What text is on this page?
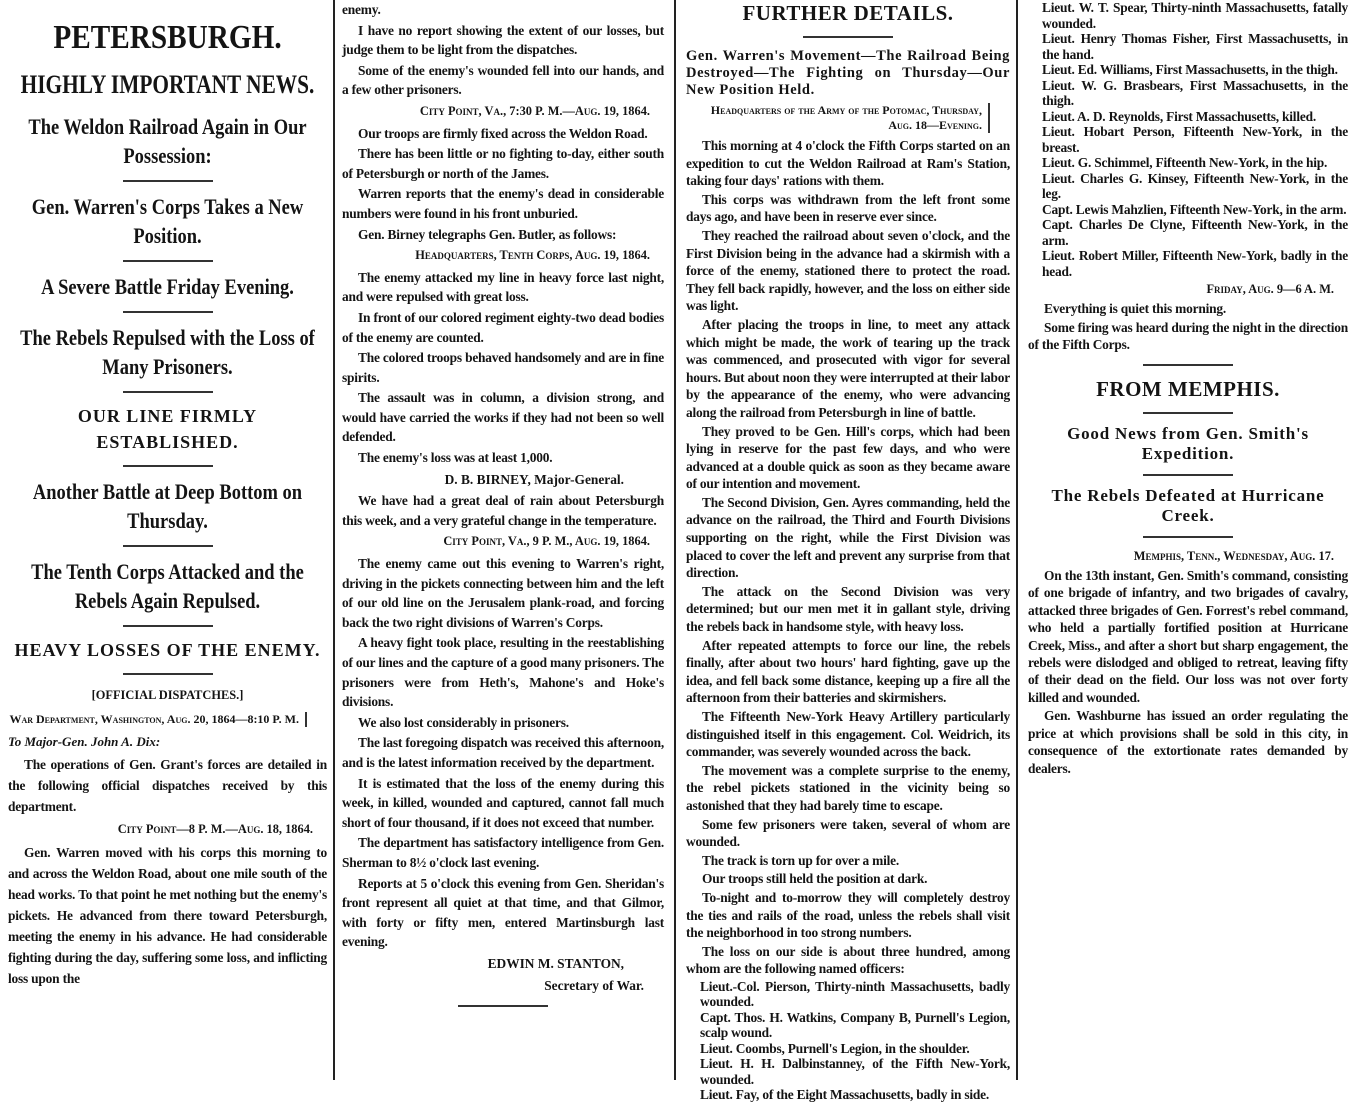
PETERSBURGH.
HIGHLY IMPORTANT NEWS.
The Weldon Railroad Again in Our Possession:
Gen. Warren's Corps Takes a New Position.
A Severe Battle Friday Evening.
The Rebels Repulsed with the Loss of Many Prisoners.
OUR LINE FIRMLY ESTABLISHED.
Another Battle at Deep Bottom on Thursday.
The Tenth Corps Attacked and the Rebels Again Repulsed.
HEAVY LOSSES OF THE ENEMY.
[OFFICIAL DISPATCHES.]
War Department, Washington, Aug. 20, 1864—8:10 P. M.
To Major-Gen. John A. Dix:
The operations of Gen. Grant's forces are detailed in the following official dispatches received by this department.
City Point—8 P. M.—Aug. 18, 1864.
Gen. Warren moved with his corps this morning to and across the Weldon Road, about one mile south of the head works. To that point he met nothing but the enemy's pickets. He advanced from there toward Petersburgh, meeting the enemy in his advance. He had considerable fighting during the day, suffering some loss, and inflicting loss upon the
enemy.
I have no report showing the extent of our losses, but judge them to be light from the dispatches.
Some of the enemy's wounded fell into our hands, and a few other prisoners.
City Point, Va., 7:30 P. M.—Aug. 19, 1864.
Our troops are firmly fixed across the Weldon Road.
There has been little or no fighting to-day, either south of Petersburgh or north of the James.
Warren reports that the enemy's dead in considerable numbers were found in his front unburied.
Gen. Birney telegraphs Gen. Butler, as follows:
Headquarters, Tenth Corps, Aug. 19, 1864.
The enemy attacked my line in heavy force last night, and were repulsed with great loss.
In front of our colored regiment eighty-two dead bodies of the enemy are counted.
The colored troops behaved handsomely and are in fine spirits.
The assault was in column, a division strong, and would have carried the works if they had not been so well defended.
The enemy's loss was at least 1,000.
D. B. BIRNEY, Major-General.
We have had a great deal of rain about Petersburgh this week, and a very grateful change in the temperature.
City Point, Va., 9 P. M., Aug. 19, 1864.
The enemy came out this evening to Warren's right, driving in the pickets connecting between him and the left of our old line on the Jerusalem plank-road, and forcing back the two right divisions of Warren's Corps.
A heavy fight took place, resulting in the reestablishing of our lines and the capture of a good many prisoners. The prisoners were from Heth's, Mahone's and Hoke's divisions.
We also lost considerably in prisoners.
The last foregoing dispatch was received this afternoon, and is the latest information received by the department.
It is estimated that the loss of the enemy during this week, in killed, wounded and captured, cannot fall much short of four thousand, if it does not exceed that number.
The department has satisfactory intelligence from Gen. Sherman to 8½ o'clock last evening.
Reports at 5 o'clock this evening from Gen. Sheridan's front represent all quiet at that time, and that Gilmor, with forty or fifty men, entered Martinsburgh last evening.
EDWIN M. STANTON,
Secretary of War.
FURTHER DETAILS.
Gen. Warren's Movement—The Railroad Being Destroyed—The Fighting on Thursday—Our New Position Held.
Headquarters of the Army of the Potomac, Thursday, Aug. 18—Evening.
This morning at 4 o'clock the Fifth Corps started on an expedition to cut the Weldon Railroad at Ram's Station, taking four days' rations with them.
This corps was withdrawn from the left front some days ago, and have been in reserve ever since.
They reached the railroad about seven o'clock, and the First Division being in the advance had a skirmish with a force of the enemy, stationed there to protect the road. They fell back rapidly, however, and the loss on either side was light.
After placing the troops in line, to meet any attack which might be made, the work of tearing up the track was commenced, and prosecuted with vigor for several hours. But about noon they were interrupted at their labor by the appearance of the enemy, who were advancing along the railroad from Petersburgh in line of battle.
They proved to be Gen. Hill's corps, which had been lying in reserve for the past few days, and who were advanced at a double quick as soon as they became aware of our intention and movement.
The Second Division, Gen. Ayres commanding, held the advance on the railroad, the Third and Fourth Divisions supporting on the right, while the First Division was placed to cover the left and prevent any surprise from that direction.
The attack on the Second Division was very determined; but our men met it in gallant style, driving the rebels back in handsome style, with heavy loss.
After repeated attempts to force our line, the rebels finally, after about two hours' hard fighting, gave up the idea, and fell back some distance, keeping up a fire all the afternoon from their batteries and skirmishers.
The Fifteenth New-York Heavy Artillery particularly distinguished itself in this engagement. Col. Weidrich, its commander, was severely wounded across the back.
The movement was a complete surprise to the enemy, the rebel pickets stationed in the vicinity being so astonished that they had barely time to escape.
Some few prisoners were taken, several of whom are wounded.
The track is torn up for over a mile.
Our troops still held the position at dark.
To-night and to-morrow they will completely destroy the ties and rails of the road, unless the rebels shall visit the neighborhood in too strong numbers.
The loss on our side is about three hundred, among whom are the following named officers:
Lieut.-Col. Pierson, Thirty-ninth Massachusetts, badly wounded.
Capt. Thos. H. Watkins, Company B, Purnell's Legion, scalp wound.
Lieut. Coombs, Purnell's Legion, in the shoulder.
Lieut. H. H. Dalbinstanney, of the Fifth New-York, wounded.
Lieut. Fay, of the Eight Massachusetts, badly in side.
Lieut. W. T. Spear, Thirty-ninth Massachusetts, fatally wounded.
Lieut. Henry Thomas Fisher, First Massachusetts, in the hand.
Lieut. Ed. Williams, First Massachusetts, in the thigh.
Lieut. W. G. Brasbears, First Massachusetts, in the thigh.
Lieut. A. D. Reynolds, First Massachusetts, killed.
Lieut. Hobart Person, Fifteenth New-York, in the breast.
Lieut. G. Schimmel, Fifteenth New-York, in the hip.
Lieut. Charles G. Kinsey, Fifteenth New-York, in the leg.
Capt. Lewis Mahzlien, Fifteenth New-York, in the arm.
Capt. Charles De Clyne, Fifteenth New-York, in the arm.
Lieut. Robert Miller, Fifteenth New-York, badly in the head.
Friday, Aug. 9—6 A. M.
Everything is quiet this morning.
Some firing was heard during the night in the direction of the Fifth Corps.
FROM MEMPHIS.
Good News from Gen. Smith's Expedition.
The Rebels Defeated at Hurricane Creek.
Memphis, Tenn., Wednesday, Aug. 17.
On the 13th instant, Gen. Smith's command, consisting of one brigade of infantry, and two brigades of cavalry, attacked three brigades of Gen. Forrest's rebel command, who held a partially fortified position at Hurricane Creek, Miss., and after a short but sharp engagement, the rebels were dislodged and obliged to retreat, leaving fifty of their dead on the field. Our loss was not over forty killed and wounded.
Gen. Washburne has issued an order regulating the price at which provisions shall be sold in this city, in consequence of the extortionate rates demanded by dealers.
